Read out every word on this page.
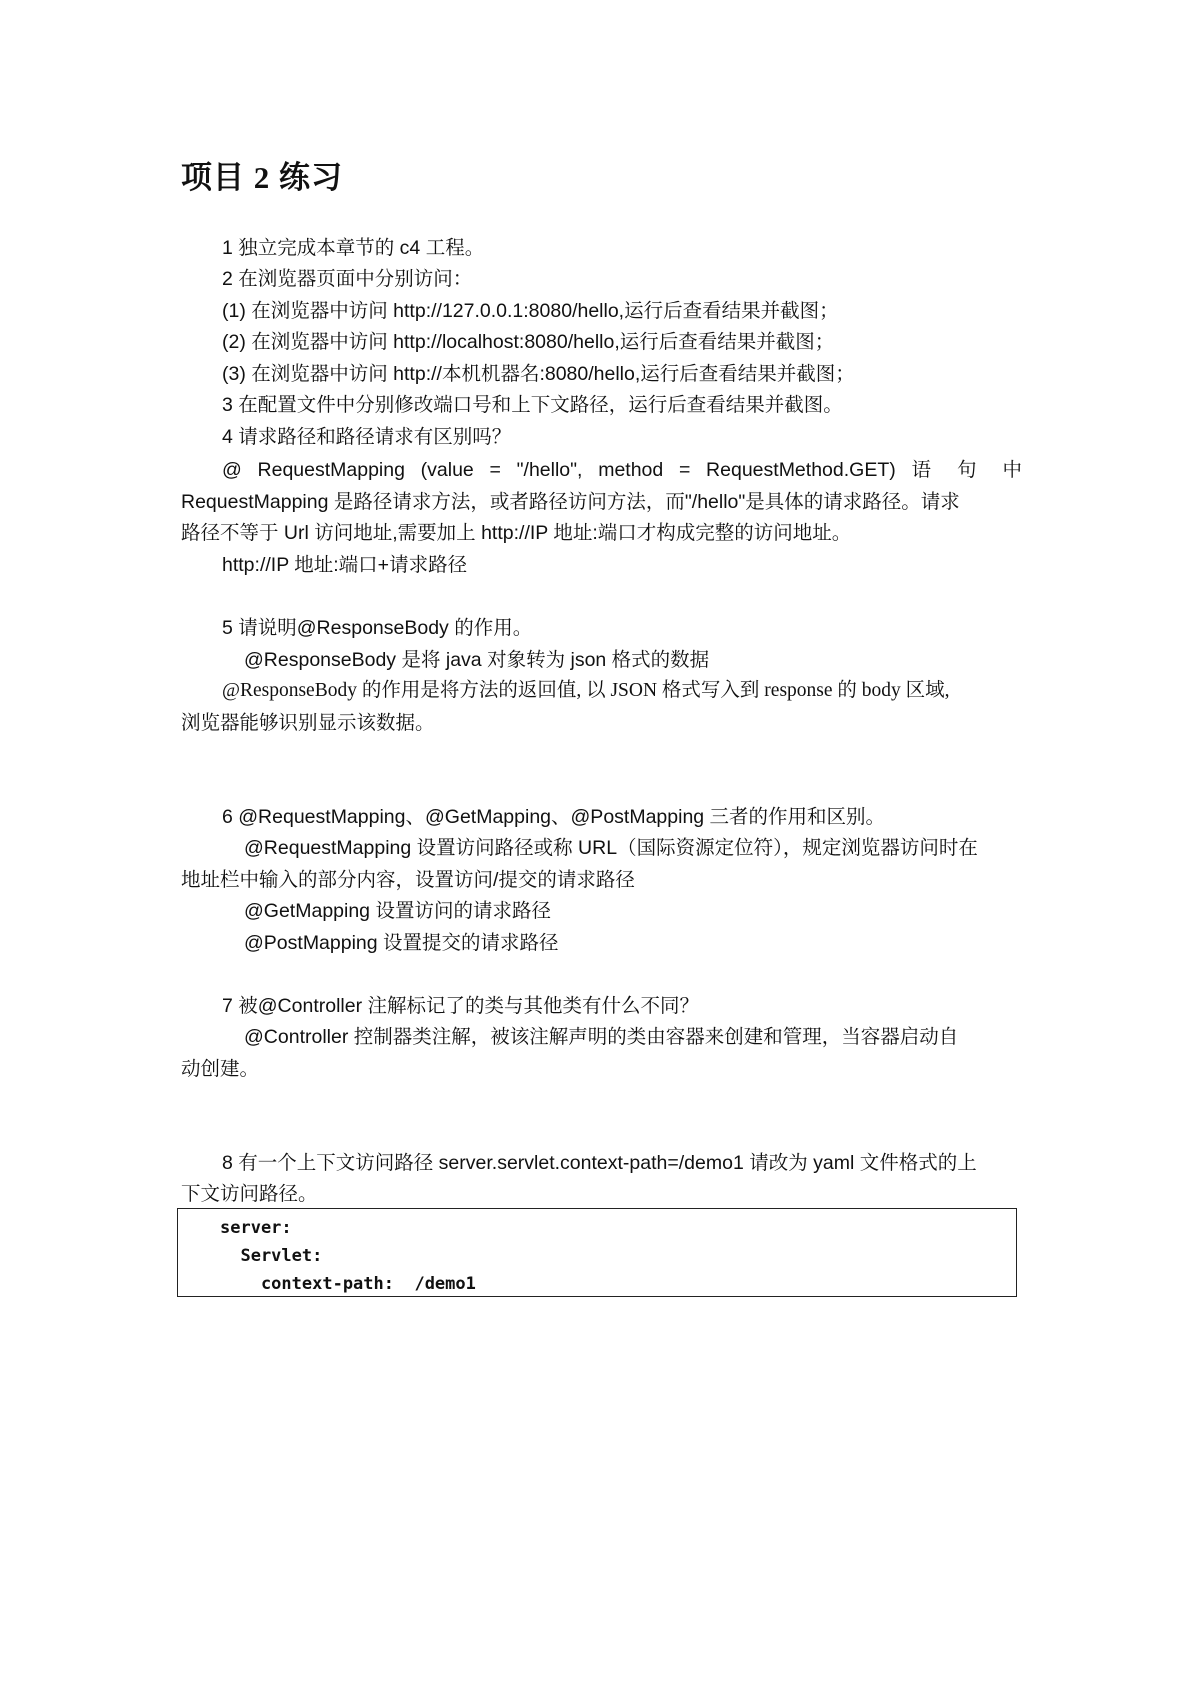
项目 2 练习
1 独立完成本章节的 c4 工程。
2 在浏览器页面中分别访问：
(1) 在浏览器中访问 http://127.0.0.1:8080/hello,运行后查看结果并截图；
(2) 在浏览器中访问 http://localhost:8080/hello,运行后查看结果并截图；
(3) 在浏览器中访问 http://本机机器名:8080/hello,运行后查看结果并截图；
3 在配置文件中分别修改端口号和上下文路径，运行后查看结果并截图。
4 请求路径和路径请求有区别吗？
@ RequestMapping (value = "/hello", method = RequestMethod.GET) 语 句 中
RequestMapping 是路径请求方法，或者路径访问方法，而"/hello"是具体的请求路径。请求
路径不等于 Url 访问地址,需要加上 http://IP 地址:端口才构成完整的访问地址。
http://IP 地址:端口+请求路径
5 请说明@ResponseBody 的作用。
@ResponseBody 是将 java 对象转为 json 格式的数据
@ResponseBody 的作用是将方法的返回值, 以 JSON 格式写入到 response 的 body 区域,
浏览器能够识别显示该数据。
6 @RequestMapping、@GetMapping、@PostMapping 三者的作用和区别。
@RequestMapping 设置访问路径或称 URL（国际资源定位符），规定浏览器访问时在
地址栏中输入的部分内容，设置访问/提交的请求路径
@GetMapping 设置访问的请求路径
@PostMapping 设置提交的请求路径
7 被@Controller 注解标记了的类与其他类有什么不同？
@Controller 控制器类注解，被该注解声明的类由容器来创建和管理，当容器启动自
动创建。
8 有一个上下文访问路径 server.servlet.context-path=/demo1 请改为 yaml 文件格式的上
下文访问路径。
server:
Servlet:
context-path:  /demo1
